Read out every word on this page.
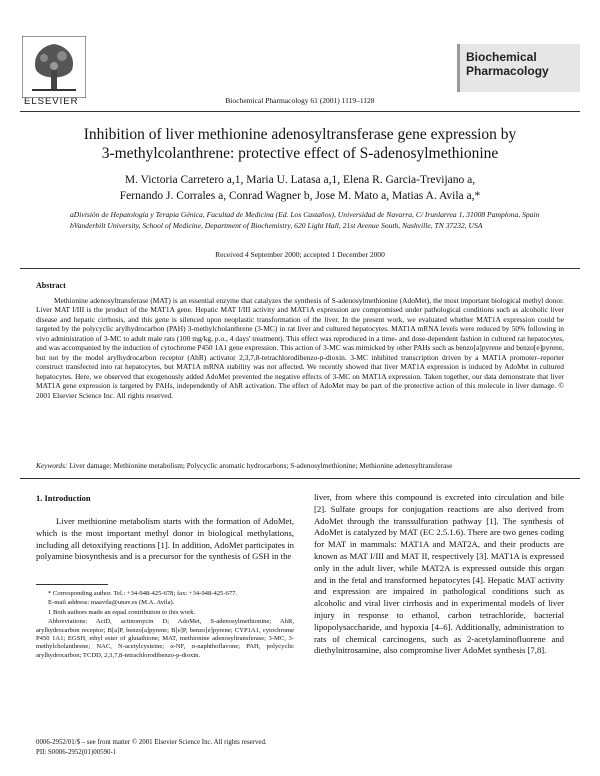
ELSEVIER	Biochemical Pharmacology 61 (2001) 1119–1128
Biochemical
Pharmacology
Inhibition of liver methionine adenosyltransferase gene expression by
3-methylcolanthrene: protective effect of S-adenosylmethionine
M. Victoria Carretero a,1, Maria U. Latasa a,1, Elena R. Garcia-Trevijano a,
Fernando J. Corrales a, Conrad Wagner b, Jose M. Mato a, Matias A. Avila a,*
aDivisión de Hepatología y Terapia Génica, Facultad de Medicina (Ed. Los Castaños), Universidad de Navarra, C/ Irunlarrea 1, 31008 Pamplona, Spain
bVanderbilt University, School of Medicine, Department of Biochemistry, 620 Light Hall, 21st Avenue South, Nashville, TN 37232, USA
Received 4 September 2000; accepted 1 December 2000
Abstract
Methionine adenosyltransferase (MAT) is an essential enzyme that catalyzes the synthesis of S-adenosylmethionine (AdoMet), the most important biological methyl donor. Liver MAT I/III is the product of the MAT1A gene. Hepatic MAT I/III activity and MAT1A expression are compromised under pathological conditions such as alcoholic liver disease and hepatic cirrhosis, and this gene is silenced upon neoplastic transformation of the liver. In the present work, we evaluated whether MAT1A expression could be targeted by the polycyclic arylhydrocarbon (PAH) 3-methylcholanthrene (3-MC) in rat liver and cultured hepatocytes. MAT1A mRNA levels were reduced by 50% following in vivo administration of 3-MC to adult male rats (100 mg/kg, p.o., 4 days' treatment). This effect was reproduced in a time- and dose-dependent fashion in cultured rat hepatocytes, and was accompanied by the induction of cytochrome P450 1A1 gene expression. This action of 3-MC was mimicked by other PAHs such as benzo[a]pyrene and benzo[e]pyrene, but not by the model arylhydrocarbon receptor (AhR) activator 2,3,7,8-tetrachlorodibenzo-p-dioxin. 3-MC inhibited transcription driven by a MAT1A promoter–reporter construct transfected into rat hepatocytes, but MAT1A mRNA stability was not affected. We recently showed that liver MAT1A expression is induced by AdoMet in cultured hepatocytes. Here, we observed that exogenously added AdoMet prevented the negative effects of 3-MC on MAT1A expression. Taken together, our data demonstrate that liver MAT1A gene expression is targeted by PAHs, independently of AhR activation. The effect of AdoMet may be part of the protective action of this molecule in liver damage. © 2001 Elsevier Science Inc. All rights reserved.
Keywords: Liver damage; Methionine metabolism; Polycyclic aromatic hydrocarbons; S-adenosylmethionine; Methionine adenosyltransferase
1. Introduction
Liver methionine metabolism starts with the formation of AdoMet, which is the most important methyl donor in biological methylations, including all detoxifying reactions [1]. In addition, AdoMet participates in polyamine biosynthesis and is a precursor for the synthesis of GSH in the

* Corresponding author. Tel.: +34-948-425-678; fax: +34-948-425-677.

E-mail address: maavila@unav.es (M.A. Avila).

1 Both authors made an equal contribution to this work.

Abbreviations: ActD, actinomycin D; AdoMet, S-adenosylmethionine; AhR, arylhydrocarbon receptor; B[a]P, benzo[a]pyrene; B[e]P, benzo[e]pyrene; CYP1A1, cytochrome P450 1A1; EGSH, ethyl ester of glutathione; MAT, methionine adenosyltransferase; 3-MC, 3-methylcholanthrene; NAC, N-acetylcysteine; α-NF, α-naphthoflavone; PAH, polycyclic arylhydrocarbon; TCDD, 2,3,7,8-tetrachlorodibenzo-p-dioxin.

liver, from where this compound is excreted into circulation and bile [2]. Sulfate groups for conjugation reactions are also derived from AdoMet through the transsulfuration pathway [1]. The synthesis of AdoMet is catalyzed by MAT (EC 2.5.1.6). There are two genes coding for MAT in mammals: MAT1A and MAT2A, and their products are known as MAT I/III and MAT II, respectively [3]. MAT1A is expressed only in the adult liver, while MAT2A is expressed outside this organ and in the fetal and transformed hepatocytes [4]. Hepatic MAT activity and expression are impaired in pathological conditions such as alcoholic and viral liver cirrhosis and in experimental models of liver injury in response to ethanol, carbon tetrachloride, bacterial lipopolysaccharide, and hypoxia [4–6]. Additionally, administration to rats of chemical carcinogens, such as 2-acetylaminofluorene and diethylnitrosamine, also compromise liver AdoMet synthesis [7,8].
0006-2952/01/$ – see front matter © 2001 Elsevier Science Inc. All rights reserved.
PII: S0006-2952(01)00590-1
